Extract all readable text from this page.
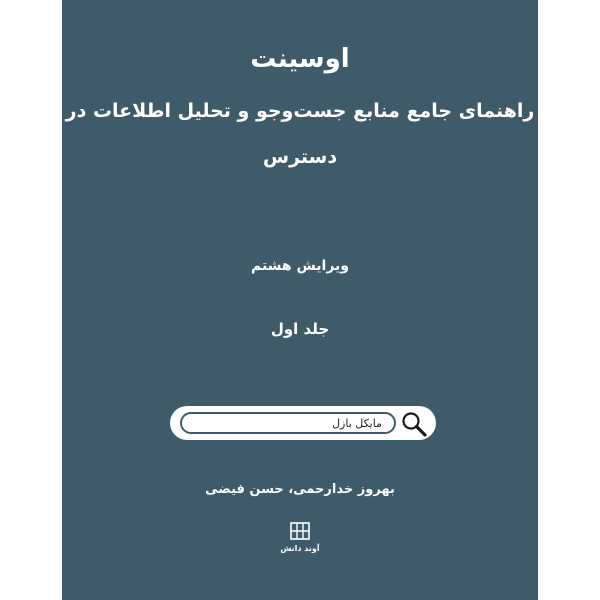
اوسینت
راهنمای جامع منابع جست‌وجو و تحلیل اطلاعات در
دسترس
ویرایش هشتم
جلد اول
مایکل بازل
بهروز خدارحمی، حسن فیضی
آوند دانش
